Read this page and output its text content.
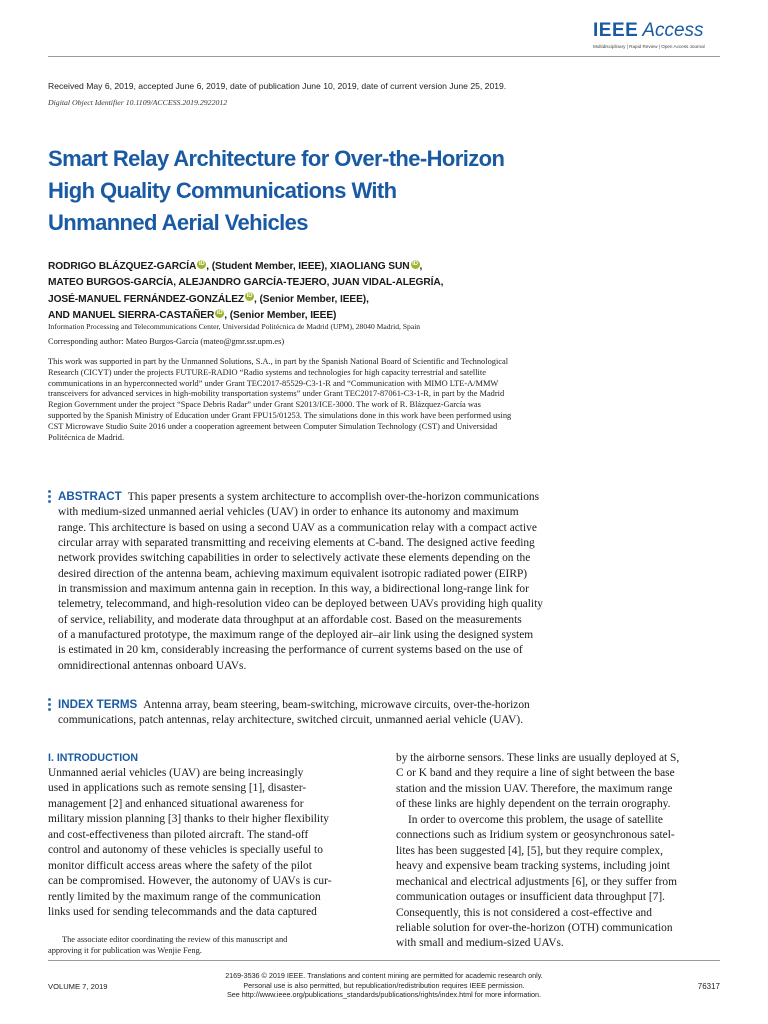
IEEE Access
Multidisciplinary | Rapid Review | Open Access Journal
Received May 6, 2019, accepted June 6, 2019, date of publication June 10, 2019, date of current version June 25, 2019.
Digital Object Identifier 10.1109/ACCESS.2019.2922012
Smart Relay Architecture for Over-the-Horizon
High Quality Communications With
Unmanned Aerial Vehicles
RODRIGO BLÁZQUEZ-GARCÍA iD , (Student Member, IEEE), XIAOLIANG SUN iD ,
MATEO BURGOS-GARCÍA, ALEJANDRO GARCÍA-TEJERO, JUAN VIDAL-ALEGRÍA,
JOSÉ-MANUEL FERNÁNDEZ-GONZÁLEZ iD , (Senior Member, IEEE),
AND MANUEL SIERRA-CASTAÑER iD , (Senior Member, IEEE)
Information Processing and Telecommunications Center, Universidad Politécnica de Madrid (UPM), 28040 Madrid, Spain
Corresponding author: Mateo Burgos-García (mateo@gmr.ssr.upm.es)
This work was supported in part by the Unmanned Solutions, S.A., in part by the Spanish National Board of Scientific and Technological
Research (CICYT) under the projects FUTURE-RADIO “Radio systems and technologies for high capacity terrestrial and satellite
communications in an hyperconnected world” under Grant TEC2017-85529-C3-1-R and “Communication with MIMO LTE-A/MMW
transceivers for advanced services in high-mobility transportation systems” under Grant TEC2017-87061-C3-1-R, in part by the Madrid
Region Government under the project “Space Debris Radar” under Grant S2013/ICE-3000. The work of R. Blázquez-García was
supported by the Spanish Ministry of Education under Grant FPU15/01253. The simulations done in this work have been performed using
CST Microwave Studio Suite 2016 under a cooperation agreement between Computer Simulation Technology (CST) and Universidad
Politécnica de Madrid.
ABSTRACT This paper presents a system architecture to accomplish over-the-horizon communications
with medium-sized unmanned aerial vehicles (UAV) in order to enhance its autonomy and maximum
range. This architecture is based on using a second UAV as a communication relay with a compact active
circular array with separated transmitting and receiving elements at C-band. The designed active feeding
network provides switching capabilities in order to selectively activate these elements depending on the
desired direction of the antenna beam, achieving maximum equivalent isotropic radiated power (EIRP)
in transmission and maximum antenna gain in reception. In this way, a bidirectional long-range link for
telemetry, telecommand, and high-resolution video can be deployed between UAVs providing high quality
of service, reliability, and moderate data throughput at an affordable cost. Based on the measurements
of a manufactured prototype, the maximum range of the deployed air–air link using the designed system
is estimated in 20 km, considerably increasing the performance of current systems based on the use of
omnidirectional antennas onboard UAVs.
INDEX TERMS Antenna array, beam steering, beam-switching, microwave circuits, over-the-horizon
communications, patch antennas, relay architecture, switched circuit, unmanned aerial vehicle (UAV).
I. INTRODUCTION
Unmanned aerial vehicles (UAV) are being increasingly
used in applications such as remote sensing [1], disaster-
management [2] and enhanced situational awareness for
military mission planning [3] thanks to their higher flexibility
and cost-effectiveness than piloted aircraft. The stand-off
control and autonomy of these vehicles is specially useful to
monitor difficult access areas where the safety of the pilot
can be compromised. However, the autonomy of UAVs is cur-
rently limited by the maximum range of the communication
links used for sending telecommands and the data captured
by the airborne sensors. These links are usually deployed at S,
C or K band and they require a line of sight between the base
station and the mission UAV. Therefore, the maximum range
of these links are highly dependent on the terrain orography.
In order to overcome this problem, the usage of satellite
connections such as Iridium system or geosynchronous satel-
lites has been suggested [4], [5], but they require complex,
heavy and expensive beam tracking systems, including joint
mechanical and electrical adjustments [6], or they suffer from
communication outages or insufficient data throughput [7].
Consequently, this is not considered a cost-effective and
reliable solution for over-the-horizon (OTH) communication
with small and medium-sized UAVs.
The associate editor coordinating the review of this manuscript and
approving it for publication was Wenjie Feng.
VOLUME 7, 2019
2169-3536 © 2019 IEEE. Translations and content mining are permitted for academic research only.
Personal use is also permitted, but republication/redistribution requires IEEE permission.
See http://www.ieee.org/publications_standards/publications/rights/index.html for more information.
76317
